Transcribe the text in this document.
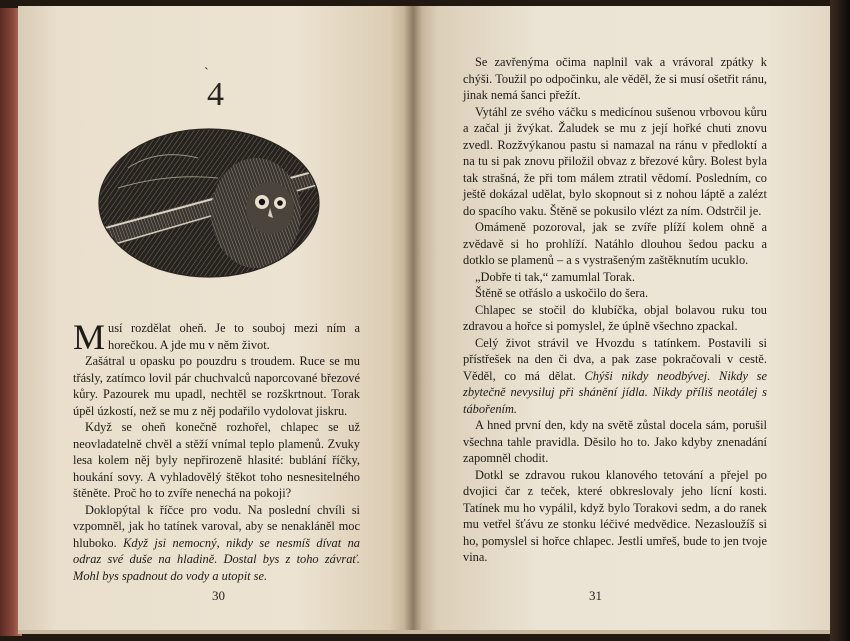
ˋ
4

Musí rozdělat oheň. Je to souboj mezi ním a horečkou. A jde mu v něm život.

Zašátral u opasku po pouzdru s troudem. Ruce se mu třásly, zatímco lovil pár chuchvalců naporcované březové kůry. Pazourek mu upadl, nechtěl se rozškrtnout. Torak úpěl úzkostí, než se mu z něj podařilo vydolovat jiskru.

Když se oheň konečně rozhořel, chlapec se už neovladatelně chvěl a stěží vnímal teplo plamenů. Zvuky lesa kolem něj byly nepřirozeně hlasité: bublání říčky, houkání sovy. A vyhladovělý štěkot toho nesnesitelného štěněte. Proč ho to zvíře nenechá na pokoji?

Doklopýtal k říčce pro vodu. Na poslední chvíli si vzpomněl, jak ho tatínek varoval, aby se nenakláněl moc hluboko. Když jsi nemocný, nikdy se nesmíš dívat na odraz své duše na hladině. Dostal bys z toho závrať. Mohl bys spadnout do vody a utopit se.

30

Se zavřenýma očima naplnil vak a vrávoral zpátky k chýši. Toužil po odpočinku, ale věděl, že si musí ošetřit ránu, jinak nemá šanci přežít.

Vytáhl ze svého váčku s medicínou sušenou vrbovou kůru a začal ji žvýkat. Žaludek se mu z její hořké chuti znovu zvedl. Rozžvýkanou pastu si namazal na ránu v předloktí a na tu si pak znovu přiložil obvaz z březové kůry. Bolest byla tak strašná, že při tom málem ztratil vědomí. Posledním, co ještě dokázal udělat, bylo skopnout si z nohou láptě a zalézt do spacího vaku. Štěně se pokusilo vlézt za ním. Odstrčil je.

Omámeně pozoroval, jak se zvíře plíží kolem ohně a zvědavě si ho prohlíží. Natáhlo dlouhou šedou packu a dotklo se plamenů – a s vystrašeným zaštěknutím ucuklo.

„Dobře ti tak,“ zamumlal Torak.

Štěně se otřáslo a uskočilo do šera.

Chlapec se stočil do klubíčka, objal bolavou ruku tou zdravou a hořce si pomyslel, že úplně všechno zpackal.

Celý život strávil ve Hvozdu s tatínkem. Postavili si přístřešek na den či dva, a pak zase pokračovali v cestě. Věděl, co má dělat. Chýši nikdy neodbývej. Nikdy se zbytečně nevysiluj při shánění jídla. Nikdy příliš neotálej s tábořením.

A hned první den, kdy na světě zůstal docela sám, porušil všechna tahle pravidla. Děsilo ho to. Jako kdyby znenadání zapomněl chodit.

Dotkl se zdravou rukou klanového tetování a přejel po dvojici čar z teček, které obkreslovaly jeho lícní kosti. Tatínek mu ho vypálil, když bylo Torakovi sedm, a do ranek mu vetřel šťávu ze stonku léčivé medvědice. Nezasloužíš si ho, pomyslel si hořce chlapec. Jestli umřeš, bude to jen tvoje vina.

31
